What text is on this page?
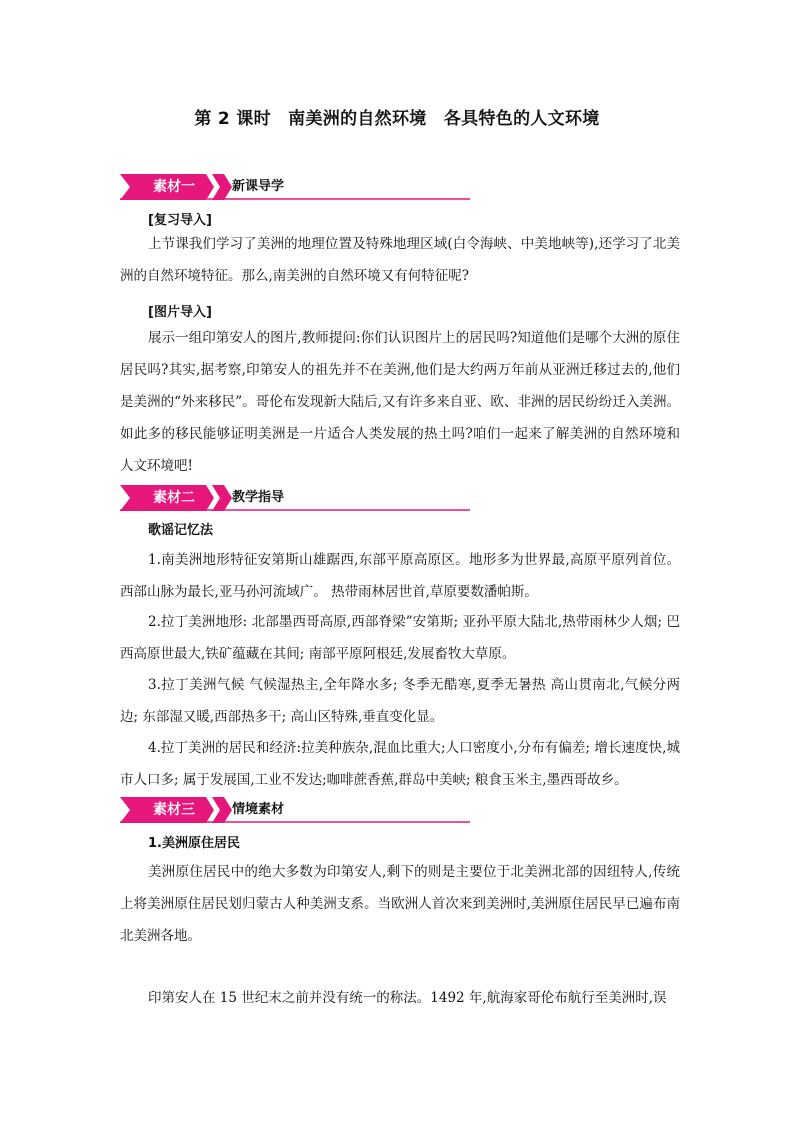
第 2 课时　南美洲的自然环境　各具特色的人文环境
素材一	新课导学
[复习导入]
上节课我们学习了美洲的地理位置及特殊地理区域(白令海峡、中美地峡等),还学习了北美洲的自然环境特征。那么,南美洲的自然环境又有何特征呢?
[图片导入]
展示一组印第安人的图片,教师提问:你们认识图片上的居民吗?知道他们是哪个大洲的原住居民吗?其实,据考察,印第安人的祖先并不在美洲,他们是大约两万年前从亚洲迁移过去的,他们是美洲的“外来移民”。哥伦布发现新大陆后,又有许多来自亚、欧、非洲的居民纷纷迁入美洲。如此多的移民能够证明美洲是一片适合人类发展的热土吗?咱们一起来了解美洲的自然环境和人文环境吧!
素材二	教学指导
歌谣记忆法
1.南美洲地形特征安第斯山雄踞西,东部平原高原区。地形多为世界最,高原平原列首位。西部山脉为最长,亚马孙河流域广。 热带雨林居世首,草原要数潘帕斯。
2.拉丁美洲地形: 北部墨西哥高原,西部脊梁”安第斯; 亚孙平原大陆北,热带雨林少人烟; 巴西高原世最大,铁矿蕴藏在其间; 南部平原阿根廷,发展畜牧大草原。
3.拉丁美洲气候 气候湿热主,全年降水多; 冬季无酷寒,夏季无暑热 高山贯南北,气候分两边; 东部湿又暖,西部热多干; 高山区特殊,垂直变化显。
4.拉丁美洲的居民和经济:拉美种族杂,混血比重大;人口密度小,分布有偏差; 增长速度快,城市人口多; 属于发展国,工业不发达;咖啡蔗香蕉,群岛中美峡; 粮食玉米主,墨西哥故乡。
素材三	情境素材
1.美洲原住居民
美洲原住居民中的绝大多数为印第安人,剩下的则是主要位于北美洲北部的因纽特人,传统上将美洲原住居民划归蒙古人种美洲支系。当欧洲人首次来到美洲时,美洲原住居民早已遍布南北美洲各地。
印第安人在 15 世纪末之前并没有统一的称法。1492 年,航海家哥伦布航行至美洲时,误
